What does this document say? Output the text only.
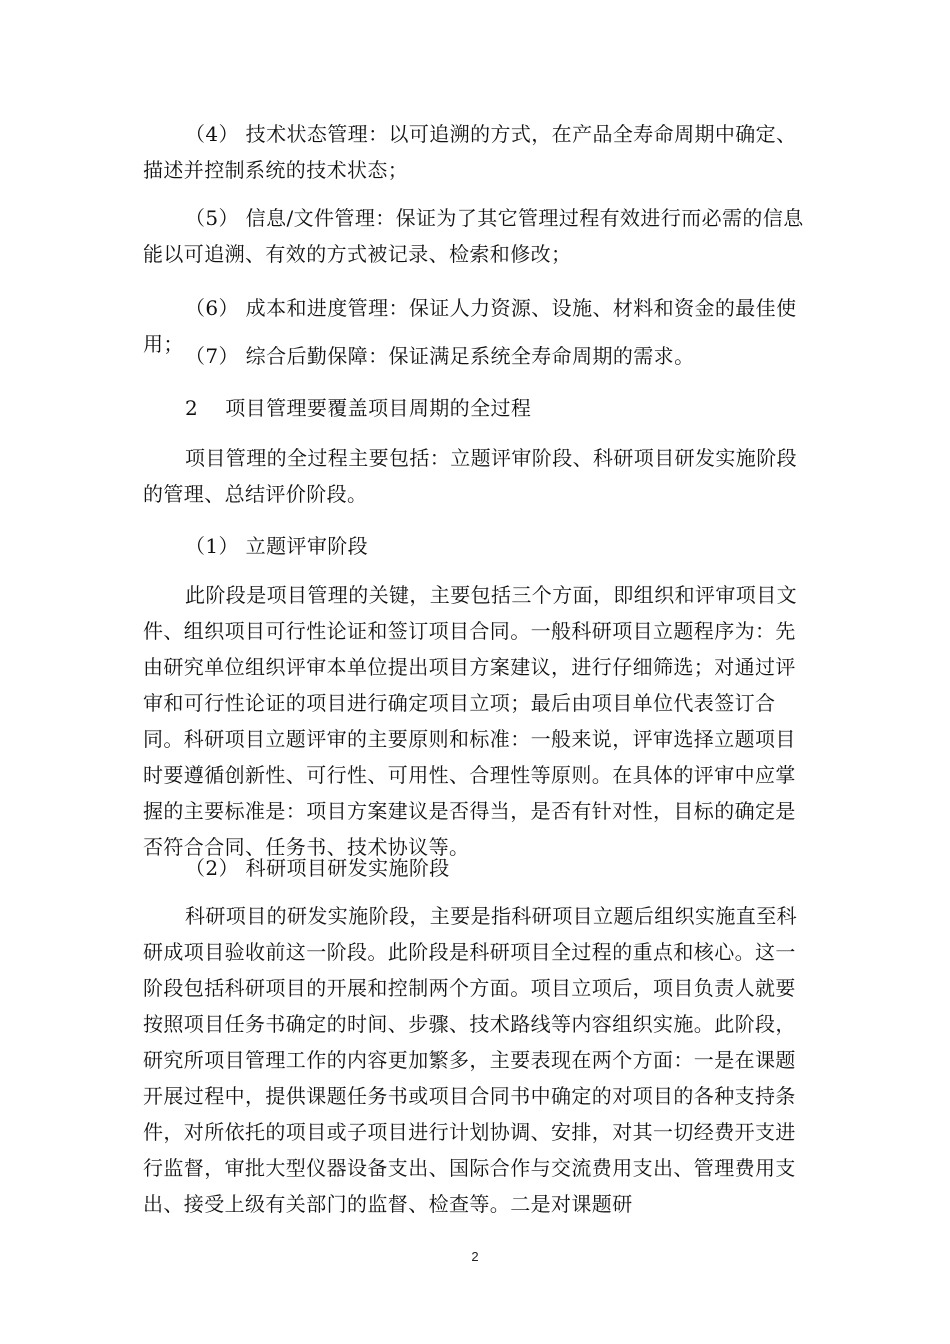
（4） 技术状态管理：以可追溯的方式，在产品全寿命周期中确定、描述并控制系统的技术状态；
（5） 信息/文件管理：保证为了其它管理过程有效进行而必需的信息能以可追溯、有效的方式被记录、检索和修改；
（6） 成本和进度管理：保证人力资源、设施、材料和资金的最佳使用； （7） 综合后勤保障：保证满足系统全寿命周期的需求。
2　 项目管理要覆盖项目周期的全过程
项目管理的全过程主要包括：立题评审阶段、科研项目研发实施阶段的管理、总结评价阶段。
（1） 立题评审阶段
此阶段是项目管理的关键，主要包括三个方面，即组织和评审项目文件、组织项目可行性论证和签订项目合同。一般科研项目立题程序为：先由研究单位组织评审本单位提出项目方案建议，进行仔细筛选；对通过评审和可行性论证的项目进行确定项目立项；最后由项目单位代表签订合同。科研项目立题评审的主要原则和标准：一般来说，评审选择立题项目时要遵循创新性、可行性、可用性、合理性等原则。在具体的评审中应掌握的主要标准是：项目方案建议是否得当，是否有针对性，目标的确定是否符合合同、任务书、技术协议等。
（2） 科研项目研发实施阶段
科研项目的研发实施阶段，主要是指科研项目立题后组织实施直至科研成项目验收前这一阶段。此阶段是科研项目全过程的重点和核心。这一阶段包括科研项目的开展和控制两个方面。项目立项后，项目负责人就要按照项目任务书确定的时间、步骤、技术路线等内容组织实施。此阶段，研究所项目管理工作的内容更加繁多，主要表现在两个方面：一是在课题开展过程中，提供课题任务书或项目合同书中确定的对项目的各种支持条件，对所依托的项目或子项目进行计划协调、安排，对其一切经费开支进行监督，审批大型仪器设备支出、国际合作与交流费用支出、管理费用支出、接受上级有关部门的监督、检查等。二是对课题研
2
